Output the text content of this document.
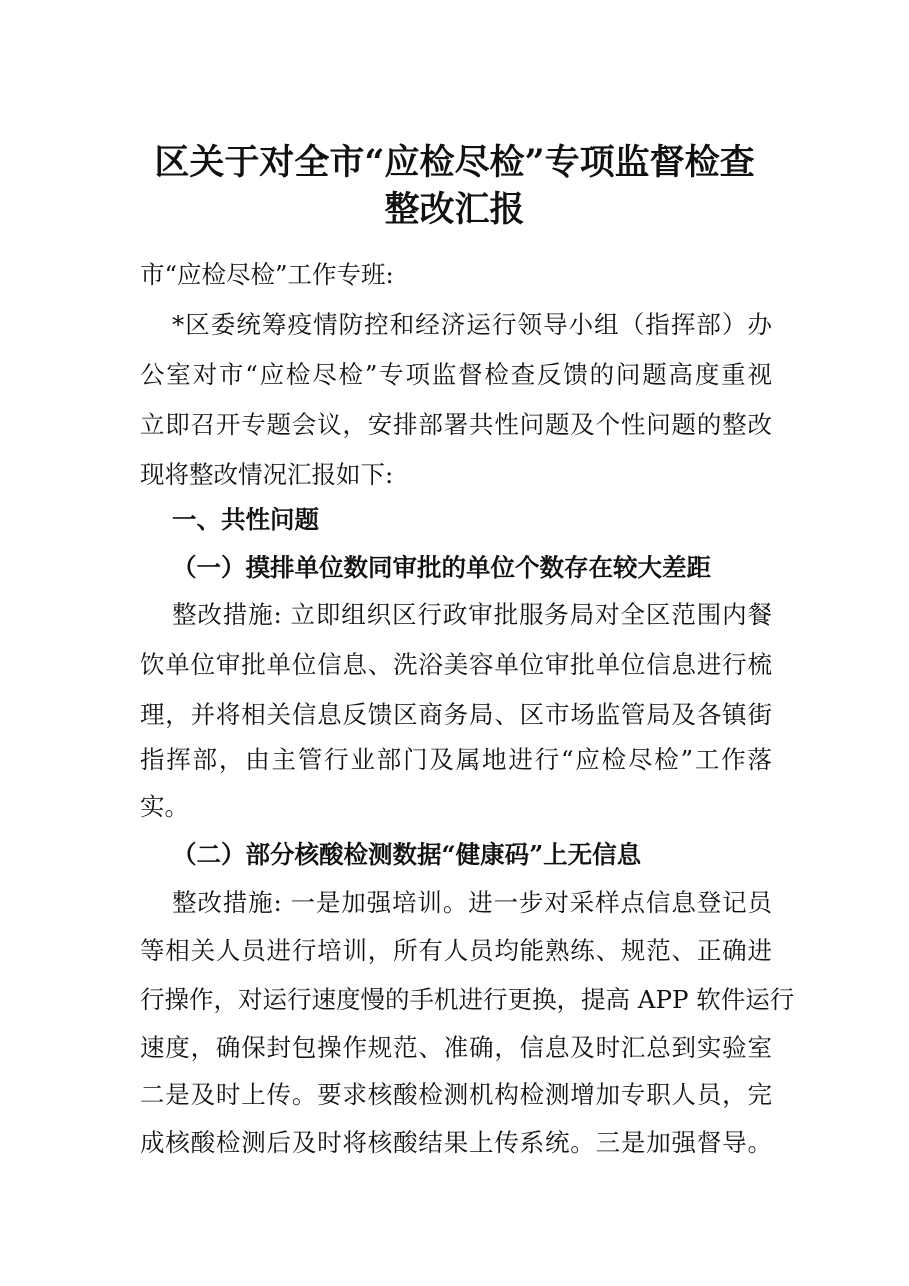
区关于对全市“应检尽检”专项监督检查
整改汇报
市“应检尽检”工作专班:
*区委统筹疫情防控和经济运行领导小组（指挥部）办
公室对市“应检尽检”专项监督检查反馈的问题高度重视
立即召开专题会议，安排部署共性问题及个性问题的整改
现将整改情况汇报如下:
一、共性问题
（一）摸排单位数同审批的单位个数存在较大差距
整改措施: 立即组织区行政审批服务局对全区范围内餐
饮单位审批单位信息、洗浴美容单位审批单位信息进行梳
理，并将相关信息反馈区商务局、区市场监管局及各镇街
指挥部，由主管行业部门及属地进行“应检尽检”工作落
实。
（二）部分核酸检测数据“健康码”上无信息
整改措施: 一是加强培训。进一步对采样点信息登记员
等相关人员进行培训，所有人员均能熟练、规范、正确进
行操作，对运行速度慢的手机进行更换，提高 APP 软件运行
速度，确保封包操作规范、准确，信息及时汇总到实验室
二是及时上传。要求核酸检测机构检测增加专职人员，完
成核酸检测后及时将核酸结果上传系统。三是加强督导。
